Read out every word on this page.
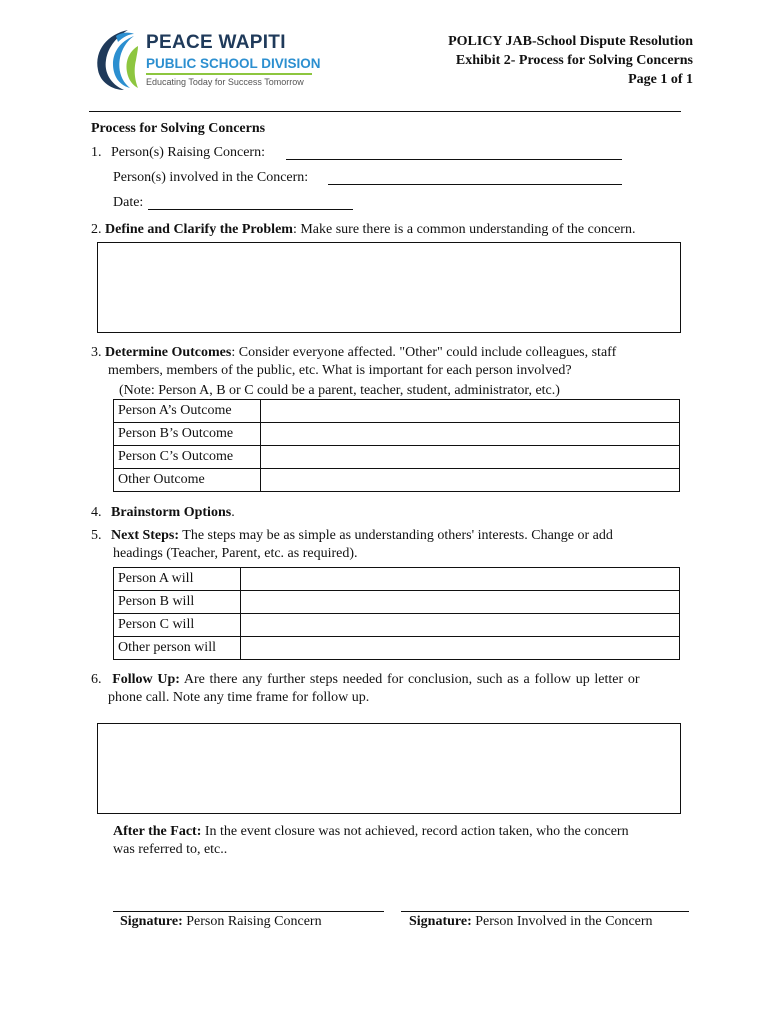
PEACE WAPITI
PUBLIC SCHOOL DIVISION
Educating Today for Success Tomorrow
POLICY JAB-School Dispute Resolution
Exhibit 2- Process for Solving Concerns
Page 1 of 1
Process for Solving Concerns
1. Person(s) Raising Concern:
Person(s) involved in the Concern:
Date:
2. Define and Clarify the Problem: Make sure there is a common understanding of the concern.
3. Determine Outcomes: Consider everyone affected. "Other" could include colleagues, staff
members, members of the public, etc. What is important for each person involved?
(Note: Person A, B or C could be a parent, teacher, student, administrator, etc.)
Person A’s Outcome	
Person B’s Outcome	
Person C’s Outcome	
Other Outcome	
4. Brainstorm Options.
5. Next Steps: The steps may be as simple as understanding others' interests. Change or add
headings (Teacher, Parent, etc. as required).
Person A will	
Person B will	
Person C will	
Other person will	
6. Follow Up: Are there any further steps needed for conclusion, such as a follow up letter or
phone call. Note any time frame for follow up.
After the Fact: In the event closure was not achieved, record action taken, who the concern
was referred to, etc..
Signature: Person Raising Concern	Signature: Person Involved in the Concern
